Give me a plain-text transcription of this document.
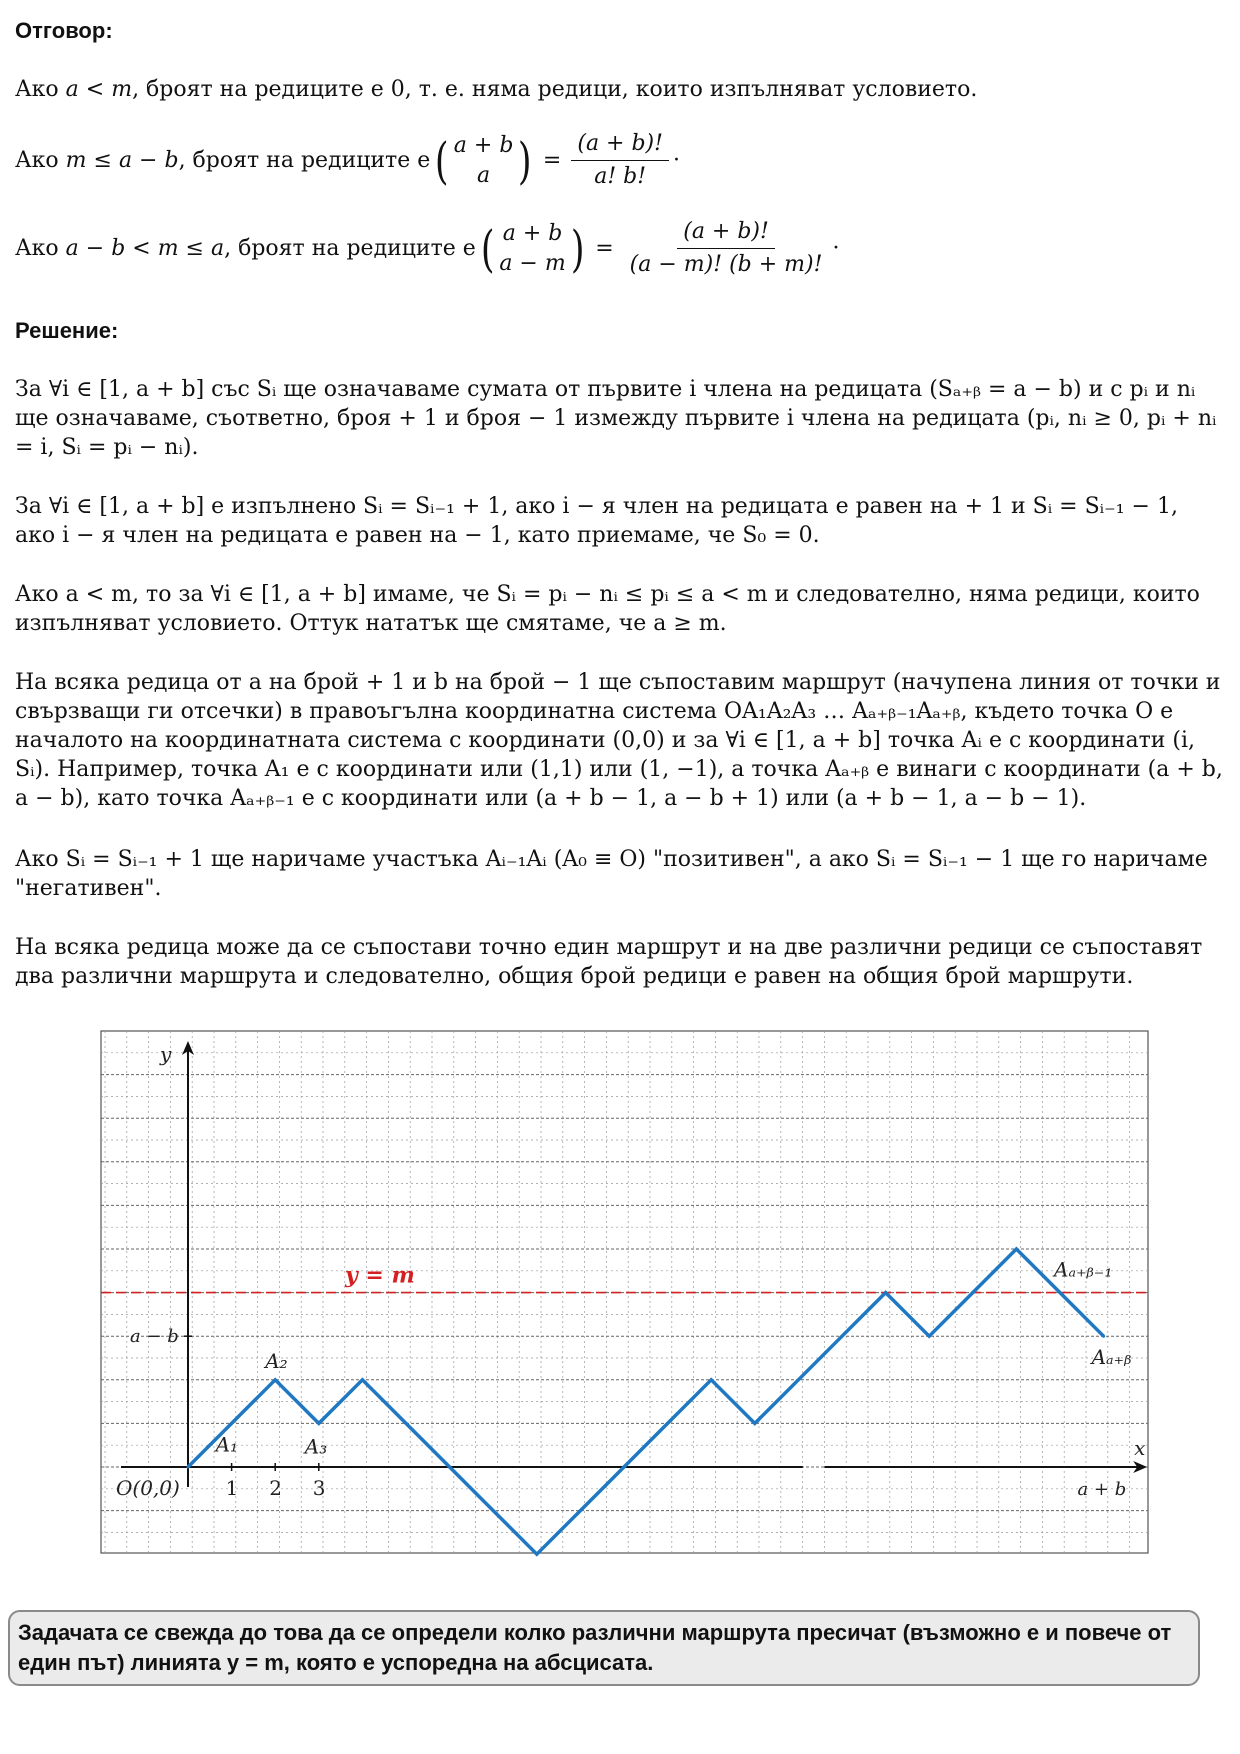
Отговор:
Ако a < m, броят на редиците е 0, т. е. няма редици, които изпълняват условието.
Ако
m ≤ a − b , броят на редиците е ( a + b
a ) = $\frac{(a + b)!}{a! b!}$ ·
Ако
a − b < m ≤ a , броят на редиците е ( a + b
a − m ) = $\frac{(a + b)!}{(a - m)! (b + m)!}$ ·
Решение:
За ∀i ∈ [1, a + b] със Sᵢ ще означаваме сумата от първите i члена на редицата (Sₐ₊ᵦ = a − b) и с pᵢ и nᵢ ще означаваме, съответно, броя + 1 и броя − 1 измежду първите i члена на редицата (pᵢ, nᵢ ≥ 0, pᵢ + nᵢ = i, Sᵢ = pᵢ − nᵢ).
За ∀i ∈ [1, a + b] е изпълнено Sᵢ = Sᵢ₋₁ + 1, ако i − я член на редицата е равен на + 1 и Sᵢ = Sᵢ₋₁ − 1, ако i − я член на редицата е равен на − 1, като приемаме, че S₀ = 0.
Ако a < m, то за ∀i ∈ [1, a + b] имаме, че Sᵢ = pᵢ − nᵢ ≤ pᵢ ≤ a < m и следователно, няма редици, които изпълняват условието. Оттук нататък ще смятаме, че a ≥ m.
На всяка редица от a на брой + 1 и b на брой − 1 ще съпоставим маршрут (начупена линия от точки и свързващи ги отсечки) в правоъгълна координатна система OA₁A₂A₃ … Aₐ₊ᵦ₋₁Aₐ₊ᵦ, където точка O е началото на координатната система с координати (0,0) и за ∀i ∈ [1, a + b] точка Aᵢ е с координати (i, Sᵢ). Например, точка A₁ е с координати или (1,1) или (1, −1), а точка Aₐ₊ᵦ е винаги с координати (a + b, a − b), като точка Aₐ₊ᵦ₋₁ е с координати или (a + b − 1, a − b + 1) или (a + b − 1, a − b − 1).
Ако Sᵢ = Sᵢ₋₁ + 1 ще наричаме участъка Aᵢ₋₁Aᵢ (A₀ ≡ O) "позитивен", а ако Sᵢ = Sᵢ₋₁ − 1 ще го наричаме "негативен".
На всяка редица може да се съпостави точно един маршрут и на две различни редици се съпоставят два различни маршрута и следователно, общия брой редици е равен на общия брой маршрути.
y = m
y
x
O(0,0) 1 2 3	a + b
a − b
A₁
A₂
A₃
Aₐ₊ᵦ₋₁
Aₐ₊ᵦ
Задачата се свежда до това да се определи колко различни маршрута пресичат (възможно е и повече от един път) линията y = m, която е успоредна на абсцисата.
